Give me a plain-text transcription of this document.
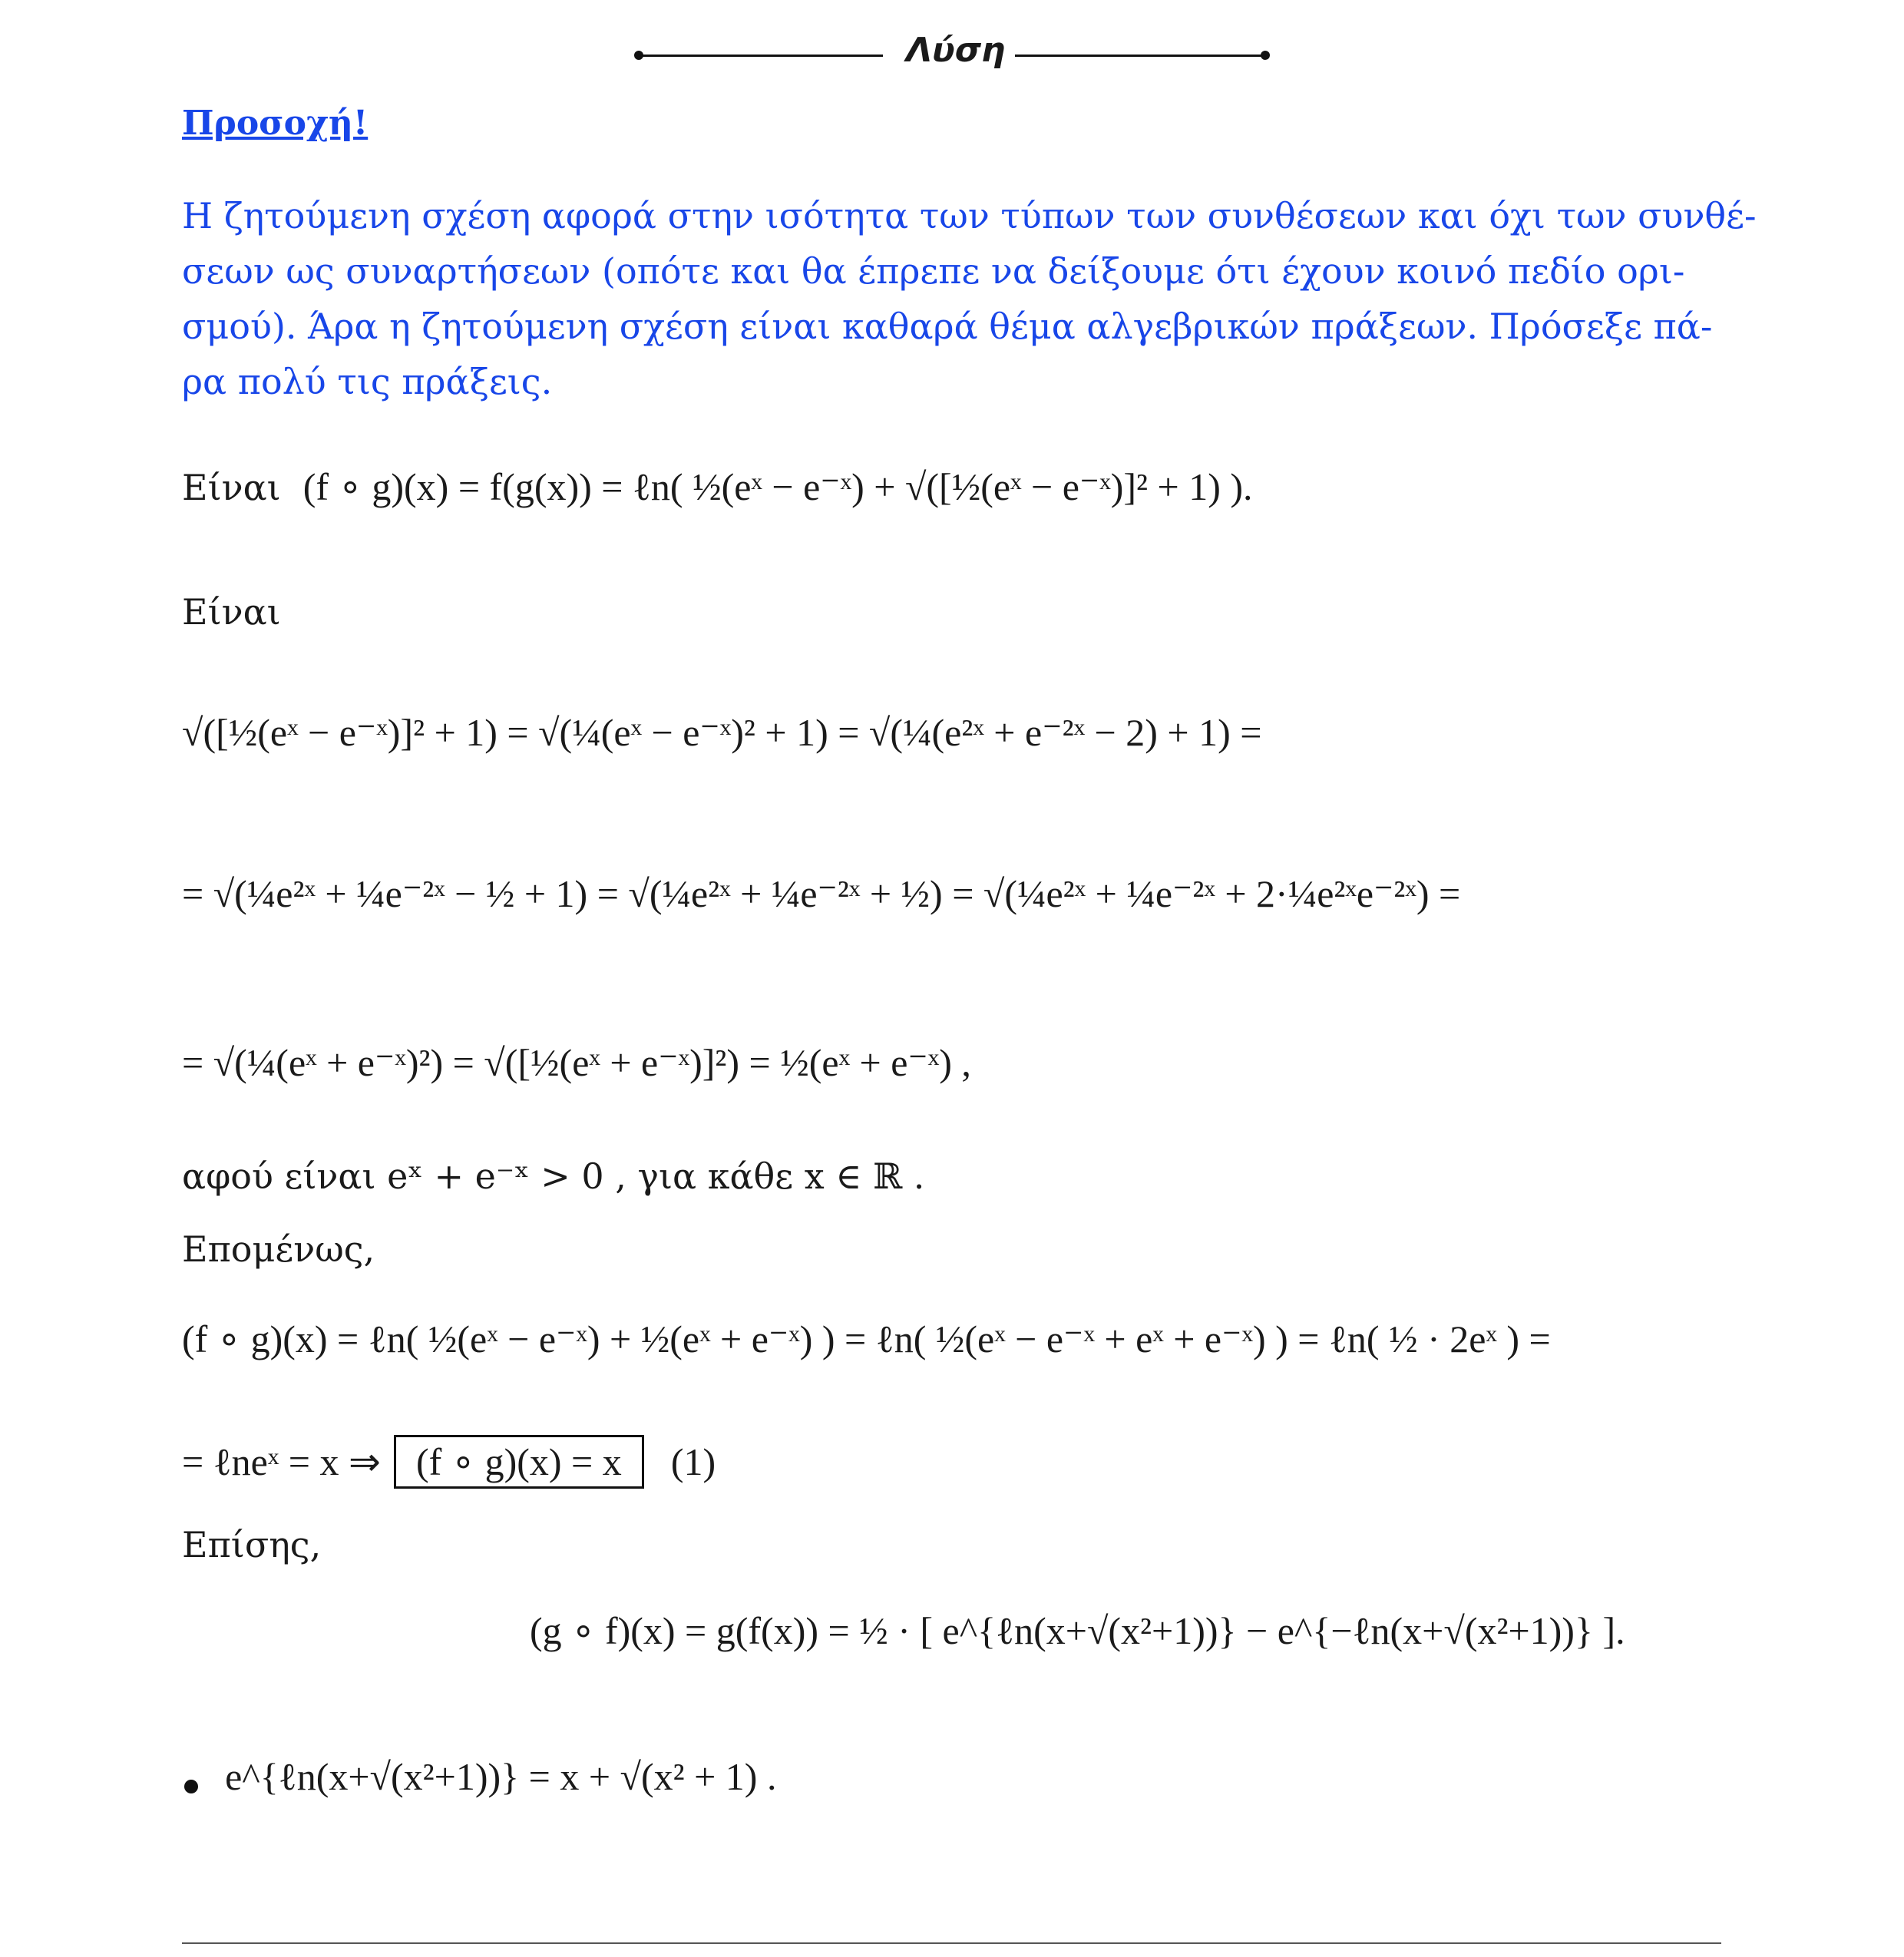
Λύση
Προσοχή!
Η ζητούμενη σχέση αφορά στην ισότητα των τύπων των συνθέσεων και όχι των συνθέ-
σεων ως συναρτήσεων (οπότε και θα έπρεπε να δείξουμε ότι έχουν κοινό πεδίο ορι-
σμού). Άρα η ζητούμενη σχέση είναι καθαρά θέμα αλγεβρικών πράξεων. Πρόσεξε πά-
ρα πολύ τις πράξεις.
Είναι (f ∘ g)(x) = f(g(x)) = ℓn( ½(eˣ − e⁻ˣ) + √([½(eˣ − e⁻ˣ)]² + 1) ).
Είναι
√([½(eˣ − e⁻ˣ)]² + 1) = √(¼(eˣ − e⁻ˣ)² + 1) = √(¼(e²ˣ + e⁻²ˣ − 2) + 1) =
= √(¼e²ˣ + ¼e⁻²ˣ − ½ + 1) = √(¼e²ˣ + ¼e⁻²ˣ + ½) = √(¼e²ˣ + ¼e⁻²ˣ + 2·¼e²ˣe⁻²ˣ) =
= √(¼(eˣ + e⁻ˣ)²) = √([½(eˣ + e⁻ˣ)]²) = ½(eˣ + e⁻ˣ) ,
αφού είναι eˣ + e⁻ˣ > 0 , για κάθε x ∈ ℝ .
Επομένως,
(f ∘ g)(x) = ℓn( ½(eˣ − e⁻ˣ) + ½(eˣ + e⁻ˣ) ) = ℓn( ½(eˣ − e⁻ˣ + eˣ + e⁻ˣ) ) = ℓn( ½ · 2eˣ ) =
= ℓneˣ = x ⇒ (f ∘ g)(x) = x (1)
Επίσης,
(g ∘ f)(x) = g(f(x)) = ½ · [ e^{ℓn(x+√(x²+1))} − e^{−ℓn(x+√(x²+1))} ].
e^{ℓn(x+√(x²+1))} = x + √(x² + 1) .
